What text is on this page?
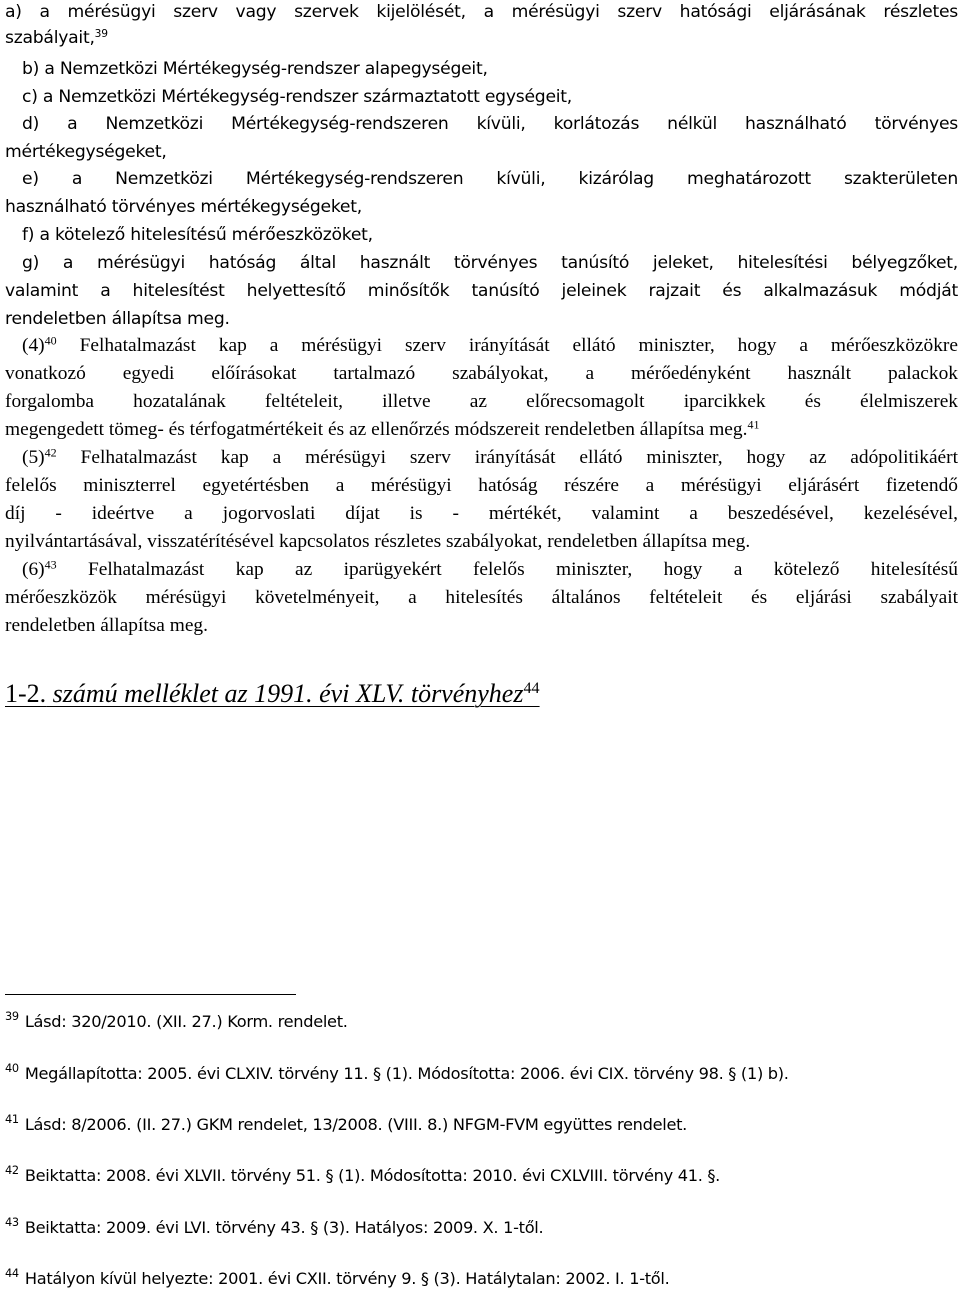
a) a mérésügyi szerv vagy szervek kijelölését, a mérésügyi szerv hatósági eljárásának részletes
szabályait,$^{39}$
b) a Nemzetközi Mértékegység-rendszer alapegységeit,
c) a Nemzetközi Mértékegység-rendszer származtatott egységeit,
d) a Nemzetközi Mértékegység-rendszeren kívüli, korlátozás nélkül használható törvényes
mértékegységeket,
e) a Nemzetközi Mértékegység-rendszeren kívüli, kizárólag meghatározott szakterületen
használható törvényes mértékegységeket,
f) a kötelező hitelesítésű mérőeszközöket,
g) a mérésügyi hatóság által használt törvényes tanúsító jeleket, hitelesítési bélyegzőket,
valamint a hitelesítést helyettesítő minősítők tanúsító jeleinek rajzait és alkalmazásuk módját
rendeletben állapítsa meg.
$(4)^{40}$ Felhatalmazást kap a mérésügyi szerv irányítását ellátó miniszter, hogy a mérőeszközökre
vonatkozó egyedi előírásokat tartalmazó szabályokat, a mérőedényként használt palackok
forgalomba hozatalának feltételeit, illetve az előrecsomagolt iparcikkek és élelmiszerek
megengedett tömeg- és térfogatmértékeit és az ellenőrzés módszereit rendeletben állapítsa meg.$^{41}$
$(5)^{42}$ Felhatalmazást kap a mérésügyi szerv irányítását ellátó miniszter, hogy az adópolitikáért
felelős miniszterrel egyetértésben a mérésügyi hatóság részére a mérésügyi eljárásért fizetendő
díj - ideértve a jogorvoslati díjat is - mértékét, valamint a beszedésével, kezelésével,
nyilvántartásával, visszatérítésével kapcsolatos részletes szabályokat, rendeletben állapítsa meg.
$(6)^{43}$ Felhatalmazást kap az iparügyekért felelős miniszter, hogy a kötelező hitelesítésű
mérőeszközök mérésügyi követelményeit, a hitelesítés általános feltételeit és eljárási szabályait
rendeletben állapítsa meg.
1-2. számú melléklet az 1991. évi XLV. törvényhez$^{44}$
$^{39}$ Lásd: 320/2010. (XII. 27.) Korm. rendelet.
$^{40}$ Megállapította: 2005. évi CLXIV. törvény 11. § (1). Módosította: 2006. évi CIX. törvény 98. § (1) b).
$^{41}$ Lásd: 8/2006. (II. 27.) GKM rendelet, 13/2008. (VIII. 8.) NFGM-FVM együttes rendelet.
$^{42}$ Beiktatta: 2008. évi XLVII. törvény 51. § (1). Módosította: 2010. évi CXLVIII. törvény 41. §.
$^{43}$ Beiktatta: 2009. évi LVI. törvény 43. § (3). Hatályos: 2009. X. 1-től.
$^{44}$ Hatályon kívül helyezte: 2001. évi CXII. törvény 9. § (3). Hatálytalan: 2002. I. 1-től.
